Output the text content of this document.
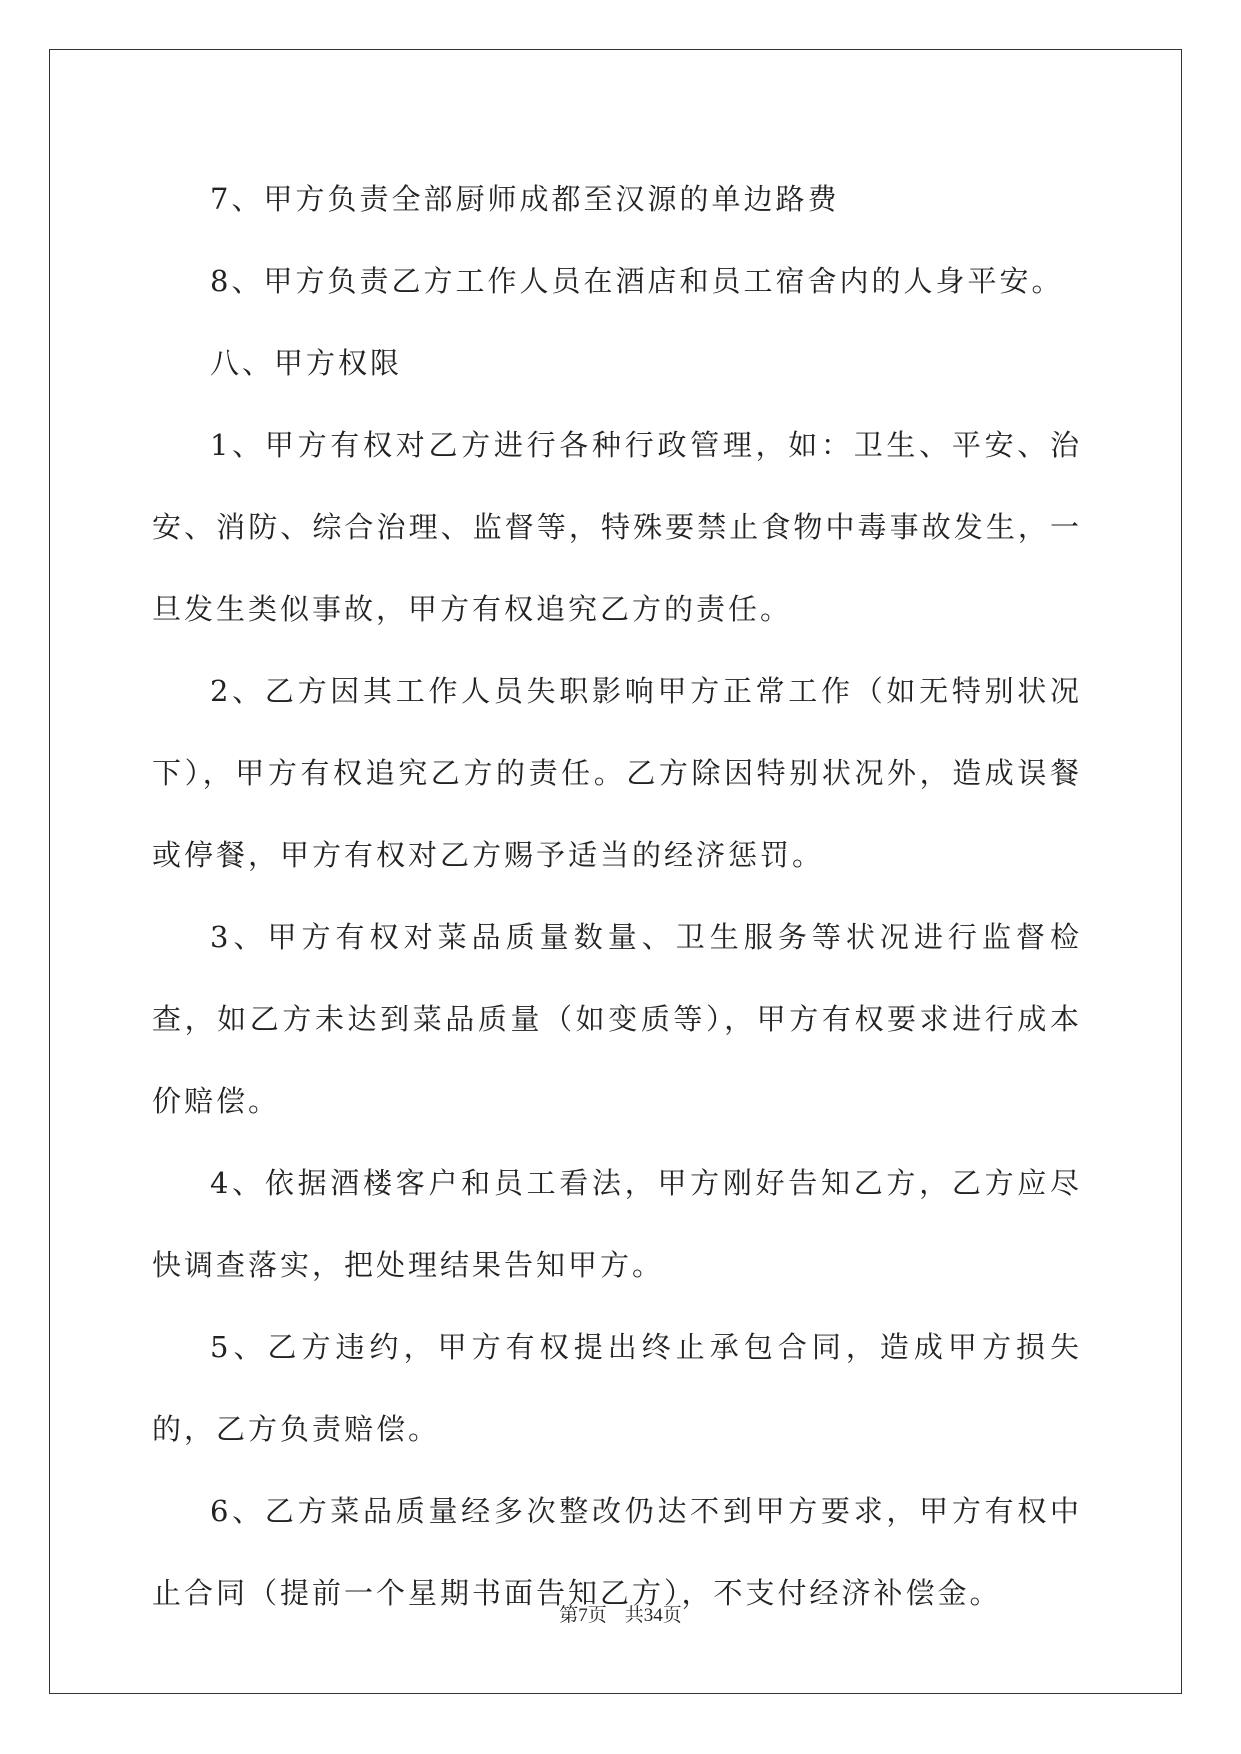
7、甲方负责全部厨师成都至汉源的单边路费

8、甲方负责乙方工作人员在酒店和员工宿舍内的人身平安。

八、甲方权限

1、甲方有权对乙方进行各种行政管理，如：卫生、平安、治安、消防、综合治理、监督等，特殊要禁止食物中毒事故发生，一旦发生类似事故，甲方有权追究乙方的责任。

2、乙方因其工作人员失职影响甲方正常工作（如无特别状况下），甲方有权追究乙方的责任。乙方除因特别状况外，造成误餐或停餐，甲方有权对乙方赐予适当的经济惩罚。

3、甲方有权对菜品质量数量、卫生服务等状况进行监督检查，如乙方未达到菜品质量（如变质等），甲方有权要求进行成本价赔偿。

4、依据酒楼客户和员工看法，甲方刚好告知乙方，乙方应尽快调查落实，把处理结果告知甲方。

5、乙方违约，甲方有权提出终止承包合同，造成甲方损失的，乙方负责赔偿。

6、乙方菜品质量经多次整改仍达不到甲方要求，甲方有权中止合同（提前一个星期书面告知乙方），不支付经济补偿金。

第7页 共34页
